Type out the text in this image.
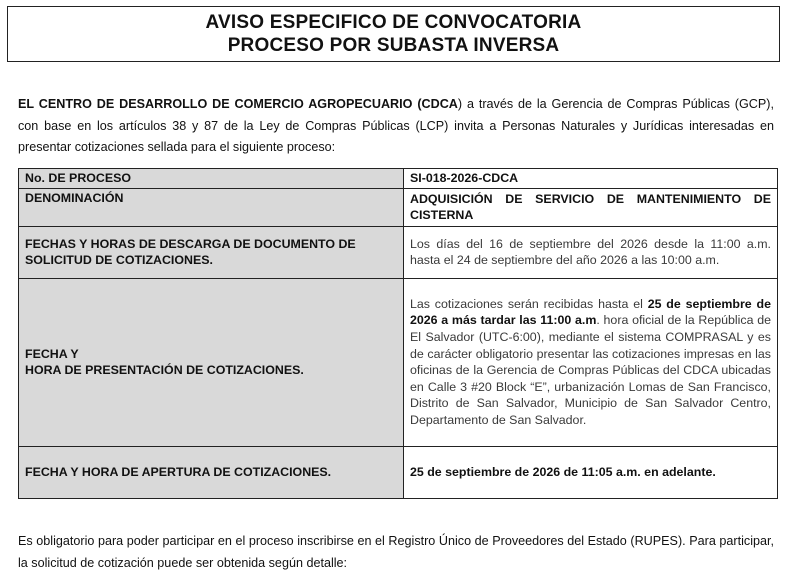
AVISO ESPECIFICO DE CONVOCATORIA
PROCESO POR SUBASTA INVERSA
EL CENTRO DE DESARROLLO DE COMERCIO AGROPECUARIO (CDCA) a través de la Gerencia de Compras Públicas (GCP), con base en los artículos 38 y 87 de la Ley de Compras Públicas (LCP) invita a Personas Naturales y Jurídicas interesadas en presentar cotizaciones sellada para el siguiente proceso:
No. DE PROCESO	SI-018-2026-CDCA
DENOMINACIÓN	ADQUISICIÓN DE SERVICIO DE MANTENIMIENTO DE CISTERNA
FECHAS Y HORAS DE DESCARGA DE DOCUMENTO DE SOLICITUD DE COTIZACIONES.	Los días del 16 de septiembre del 2026 desde la 11:00 a.m. hasta el 24 de septiembre del año 2026 a las 10:00 a.m.

FECHA Y
HORA DE PRESENTACIÓN DE COTIZACIONES.	Las cotizaciones serán recibidas hasta el 25 de septiembre de 2026 a más tardar las 11:00 a.m. hora oficial de la República de El Salvador (UTC-6:00), mediante el sistema COMPRASAL y es de carácter obligatorio presentar las cotizaciones impresas en las oficinas de la Gerencia de Compras Públicas del CDCA ubicadas en Calle 3 #20 Block “E”, urbanización Lomas de San Francisco, Distrito de San Salvador, Municipio de San Salvador Centro, Departamento de San Salvador.
FECHA Y HORA DE APERTURA DE COTIZACIONES.	25 de septiembre de 2026 de 11:05 a.m. en adelante.
Es obligatorio para poder participar en el proceso inscribirse en el Registro Único de Proveedores del Estado (RUPES). Para participar, la solicitud de cotización puede ser obtenida según detalle:
